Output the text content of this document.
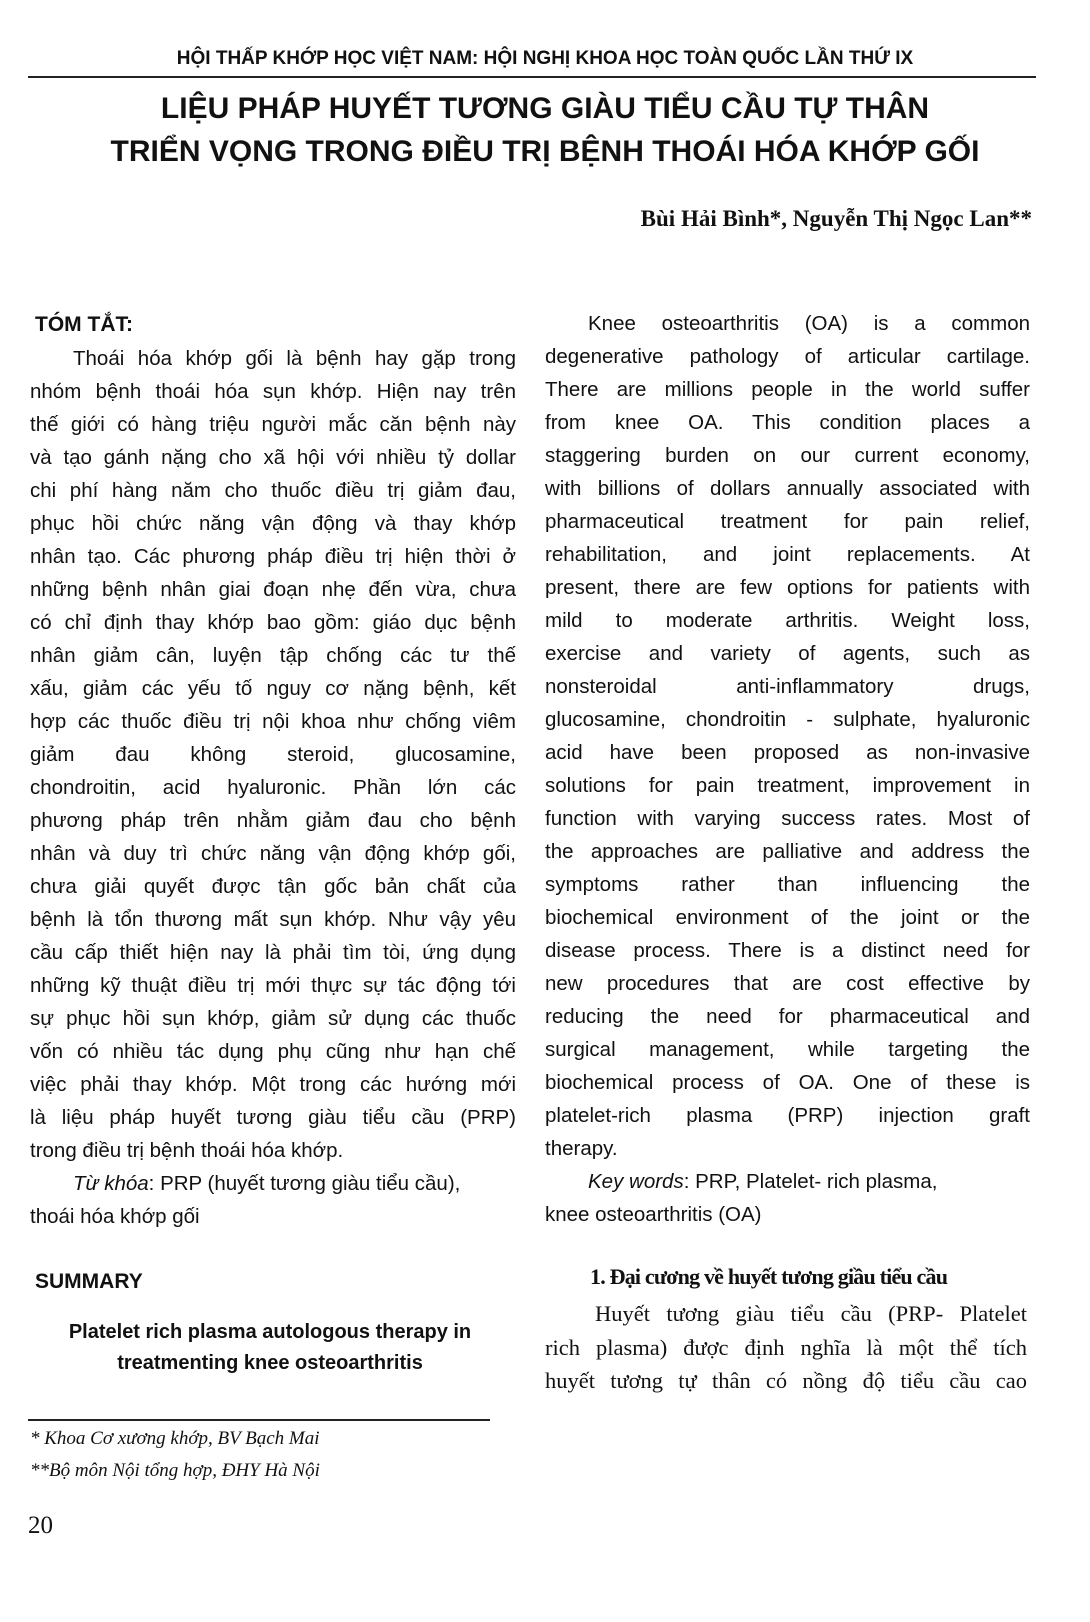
HỘI THẤP KHỚP HỌC VIỆT NAM: HỘI NGHỊ KHOA HỌC TOÀN QUỐC LẦN THỨ IX
LIỆU PHÁP HUYẾT TƯƠNG GIÀU TIỂU CẦU TỰ THÂN
TRIỂN VỌNG TRONG ĐIỀU TRỊ BỆNH THOÁI HÓA KHỚP GỐI
Bùi Hải Bình*, Nguyễn Thị Ngọc Lan**
TÓM TẮT:
Thoái hóa khớp gối là bệnh hay gặp trong
nhóm bệnh thoái hóa sụn khớp. Hiện nay trên
thế giới có hàng triệu người mắc căn bệnh này
và tạo gánh nặng cho xã hội với nhiều tỷ dollar
chi phí hàng năm cho thuốc điều trị giảm đau,
phục hồi chức năng vận động và thay khớp
nhân tạo. Các phương pháp điều trị hiện thời ở
những bệnh nhân giai đoạn nhẹ đến vừa, chưa
có chỉ định thay khớp bao gồm: giáo dục bệnh
nhân giảm cân, luyện tập chống các tư thế
xấu, giảm các yếu tố nguy cơ nặng bệnh, kết
hợp các thuốc điều trị nội khoa như chống viêm
giảm đau không steroid, glucosamine,
chondroitin, acid hyaluronic. Phần lớn các
phương pháp trên nhằm giảm đau cho bệnh
nhân và duy trì chức năng vận động khớp gối,
chưa giải quyết được tận gốc bản chất của
bệnh là tổn thương mất sụn khớp. Như vậy yêu
cầu cấp thiết hiện nay là phải tìm tòi, ứng dụng
những kỹ thuật điều trị mới thực sự tác động tới
sự phục hồi sụn khớp, giảm sử dụng các thuốc
vốn có nhiều tác dụng phụ cũng như hạn chế
việc phải thay khớp. Một trong các hướng mới
là liệu pháp huyết tương giàu tiểu cầu (PRP)
trong điều trị bệnh thoái hóa khớp.
Từ khóa: PRP (huyết tương giàu tiểu cầu),
thoái hóa khớp gối
Knee osteoarthritis (OA) is a common
degenerative pathology of articular cartilage.
There are millions people in the world suffer
from knee OA. This condition places a
staggering burden on our current economy,
with billions of dollars annually associated with
pharmaceutical treatment for pain relief,
rehabilitation, and joint replacements. At
present, there are few options for patients with
mild to moderate arthritis. Weight loss,
exercise and variety of agents, such as
nonsteroidal anti-inflammatory drugs,
glucosamine, chondroitin - sulphate, hyaluronic
acid have been proposed as non-invasive
solutions for pain treatment, improvement in
function with varying success rates. Most of
the approaches are palliative and address the
symptoms rather than influencing the
biochemical environment of the joint or the
disease process. There is a distinct need for
new procedures that are cost effective by
reducing the need for pharmaceutical and
surgical management, while targeting the
biochemical process of OA. One of these is
platelet-rich plasma (PRP) injection graft
therapy.
Key words: PRP, Platelet- rich plasma,
knee osteoarthritis (OA)
SUMMARY
Platelet rich plasma autologous therapy in
treatmenting knee osteoarthritis
1. Đại cương về huyết tương giầu tiểu cầu
Huyết tương giàu tiểu cầu (PRP- Platelet
rich plasma) được định nghĩa là một thể tích
huyết tương tự thân có nồng độ tiểu cầu cao
* Khoa Cơ xương khớp, BV Bạch Mai
**Bộ môn Nội tổng hợp, ĐHY Hà Nội
20
